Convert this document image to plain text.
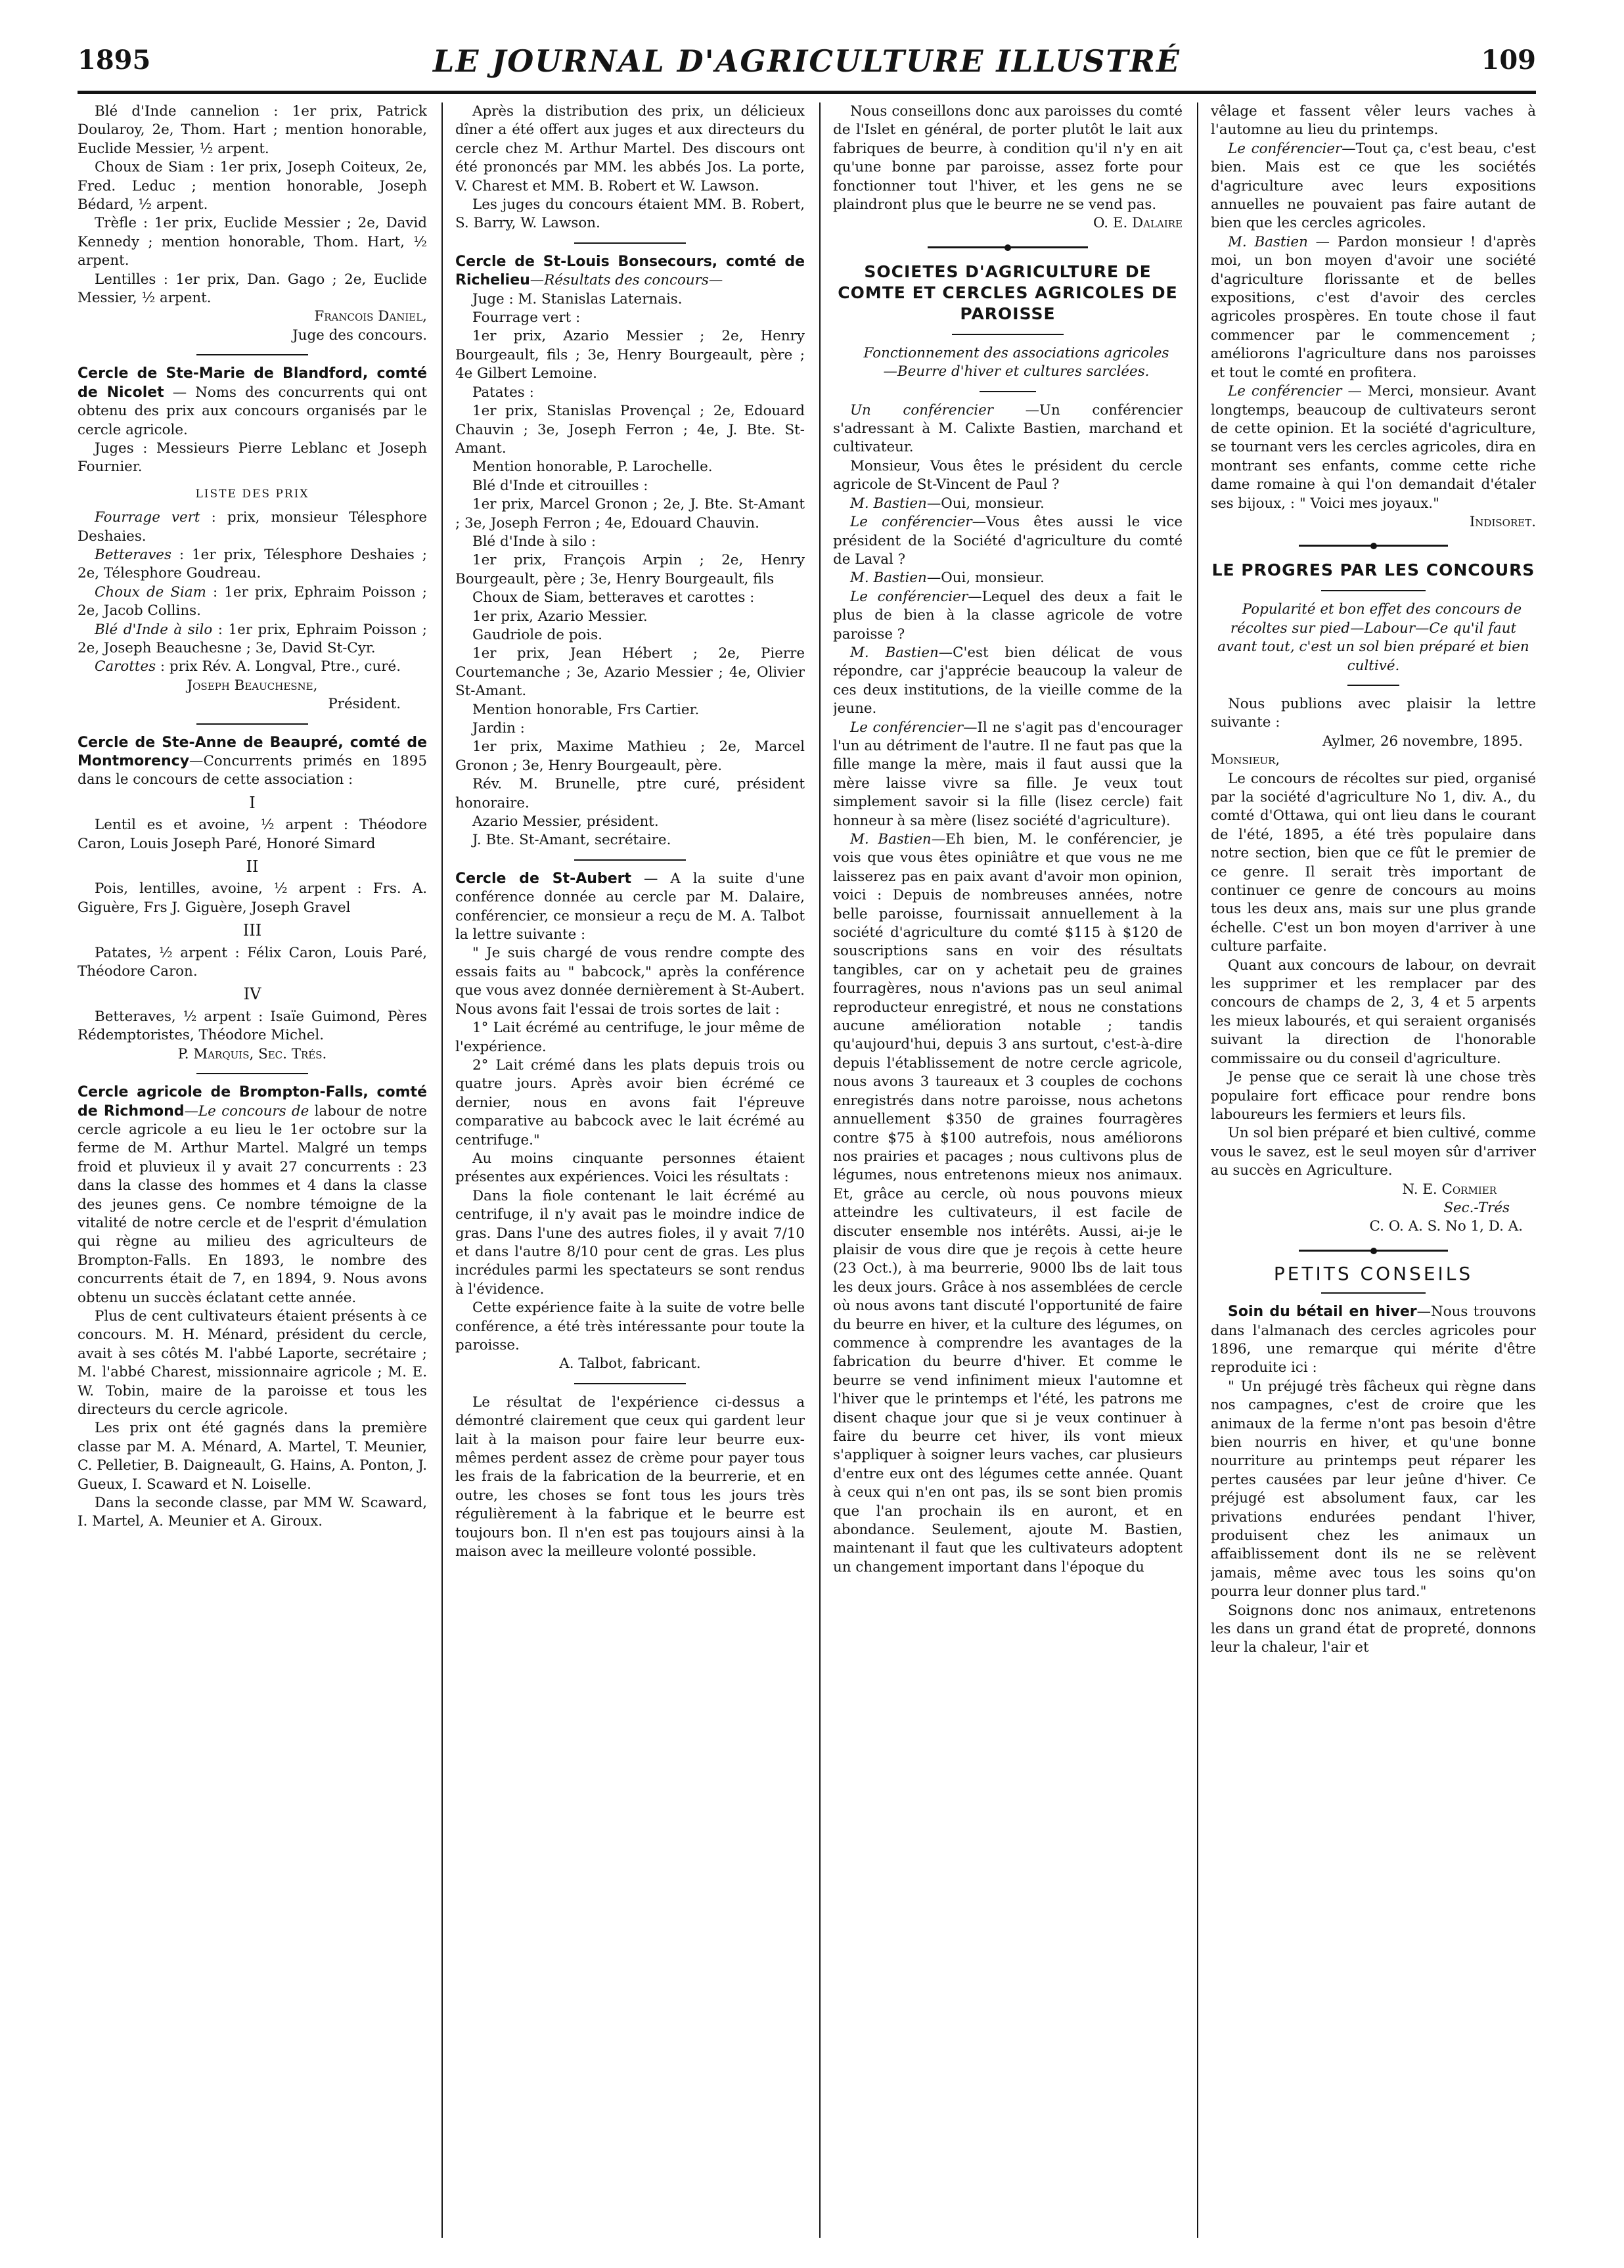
1895	LE JOURNAL D'AGRICULTURE ILLUSTRÉ	109

Blé d'Inde cannelion : 1er prix, Patrick Doularoy, 2e, Thom. Hart ; mention honorable, Euclide Messier, ½ arpent.

Choux de Siam : 1er prix, Joseph Coiteux, 2e, Fred. Leduc ; mention honorable, Joseph Bédard, ½ arpent.

Trèfle : 1er prix, Euclide Messier ; 2e, David Kennedy ; mention honorable, Thom. Hart, ½ arpent.

Lentilles : 1er prix, Dan. Gago ; 2e, Euclide Messier, ½ arpent.

Francois Daniel,

Juge des concours.

Cercle de Ste-Marie de Blandford, comté de Nicolet — Noms des concurrents qui ont obtenu des prix aux concours organisés par le cercle agricole.

Juges : Messieurs Pierre Leblanc et Joseph Fournier.

LISTE DES PRIX

Fourrage vert : prix, monsieur Télesphore Deshaies.

Betteraves : 1er prix, Télesphore Deshaies ; 2e, Télesphore Goudreau.

Choux de Siam : 1er prix, Ephraim Poisson ; 2e, Jacob Collins.

Blé d'Inde à silo : 1er prix, Ephraim Poisson ; 2e, Joseph Beauchesne ; 3e, David St-Cyr.

Carottes : prix Rév. A. Longval, Ptre., curé.

Joseph Beauchesne,

Président.

Cercle de Ste-Anne de Beaupré, comté de Montmorency—Concurrents primés en 1895 dans le concours de cette association :

I

Lentil es et avoine, ½ arpent : Théodore Caron, Louis Joseph Paré, Honoré Simard

II

Pois, lentilles, avoine, ½ arpent : Frs. A. Giguère, Frs J. Giguère, Joseph Gravel

III

Patates, ½ arpent : Félix Caron, Louis Paré, Théodore Caron.

IV

Betteraves, ½ arpent : Isaïe Guimond, Pères Rédemptoristes, Théodore Michel.

P. Marquis, Sec. Trés.

Cercle agricole de Brompton-Falls, comté de Richmond—Le concours de labour de notre cercle agricole a eu lieu le 1er octobre sur la ferme de M. Arthur Martel. Malgré un temps froid et pluvieux il y avait 27 concurrents : 23 dans la classe des hommes et 4 dans la classe des jeunes gens. Ce nombre témoigne de la vitalité de notre cercle et de l'esprit d'émulation qui règne au milieu des agriculteurs de Brompton-Falls. En 1893, le nombre des concurrents était de 7, en 1894, 9. Nous avons obtenu un succès éclatant cette année.

Plus de cent cultivateurs étaient présents à ce concours. M. H. Ménard, président du cercle, avait à ses côtés M. l'abbé Laporte, secrétaire ; M. l'abbé Charest, missionnaire agricole ; M. E. W. Tobin, maire de la paroisse et tous les directeurs du cercle agricole.

Les prix ont été gagnés dans la première classe par M. A. Ménard, A. Martel, T. Meunier, C. Pelletier, B. Daigneault, G. Hains, A. Ponton, J. Gueux, I. Scaward et N. Loiselle.

Dans la seconde classe, par MM W. Scaward, I. Martel, A. Meunier et A. Giroux.

Après la distribution des prix, un délicieux dîner a été offert aux juges et aux directeurs du cercle chez M. Arthur Martel. Des discours ont été prononcés par MM. les abbés Jos. La porte, V. Charest et MM. B. Robert et W. Lawson.

Les juges du concours étaient MM. B. Robert, S. Barry, W. Lawson.

Cercle de St-Louis Bonsecours, comté de Richelieu—Résultats des concours—

Juge : M. Stanislas Laternais.

Fourrage vert :

1er prix, Azario Messier ; 2e, Henry Bourgeault, fils ; 3e, Henry Bourgeault, père ; 4e Gilbert Lemoine.

Patates :

1er prix, Stanislas Provençal ; 2e, Edouard Chauvin ; 3e, Joseph Ferron ; 4e, J. Bte. St-Amant.

Mention honorable, P. Larochelle.

Blé d'Inde et citrouilles :

1er prix, Marcel Gronon ; 2e, J. Bte. St-Amant ; 3e, Joseph Ferron ; 4e, Edouard Chauvin.

Blé d'Inde à silo :

1er prix, François Arpin ; 2e, Henry Bourgeault, père ; 3e, Henry Bourgeault, fils

Choux de Siam, betteraves et carottes :

1er prix, Azario Messier.

Gaudriole de pois.

1er prix, Jean Hébert ; 2e, Pierre Courtemanche ; 3e, Azario Messier ; 4e, Olivier St-Amant.

Mention honorable, Frs Cartier.

Jardin :

1er prix, Maxime Mathieu ; 2e, Marcel Gronon ; 3e, Henry Bourgeault, père.

Rév. M. Brunelle, ptre curé, président honoraire.

Azario Messier, président.

J. Bte. St-Amant, secrétaire.

Cercle de St-Aubert — A la suite d'une conférence donnée au cercle par M. Dalaire, conférencier, ce monsieur a reçu de M. A. Talbot la lettre suivante :

" Je suis chargé de vous rendre compte des essais faits au " babcock," après la conférence que vous avez donnée dernièrement à St-Aubert. Nous avons fait l'essai de trois sortes de lait :

1° Lait écrémé au centrifuge, le jour même de l'expérience.

2° Lait crémé dans les plats depuis trois ou quatre jours. Après avoir bien écrémé ce dernier, nous en avons fait l'épreuve comparative au babcock avec le lait écrémé au centrifuge."

Au moins cinquante personnes étaient présentes aux expériences. Voici les résultats :

Dans la fiole contenant le lait écrémé au centrifuge, il n'y avait pas le moindre indice de gras. Dans l'une des autres fioles, il y avait 7/10 et dans l'autre 8/10 pour cent de gras. Les plus incrédules parmi les spectateurs se sont rendus à l'évidence.

Cette expérience faite à la suite de votre belle conférence, a été très intéressante pour toute la paroisse.

A. Talbot, fabricant.

Le résultat de l'expérience ci-dessus a démontré clairement que ceux qui gardent leur lait à la maison pour faire leur beurre eux-mêmes perdent assez de crème pour payer tous les frais de la fabrication de la beurrerie, et en outre, les choses se font tous les jours très régulièrement à la fabrique et le beurre est toujours bon. Il n'en est pas toujours ainsi à la maison avec la meilleure volonté possible.

Nous conseillons donc aux paroisses du comté de l'Islet en général, de porter plutôt le lait aux fabriques de beurre, à condition qu'il n'y en ait qu'une bonne par paroisse, assez forte pour fonctionner tout l'hiver, et les gens ne se plaindront plus que le beurre ne se vend pas.

O. E. Dalaire

SOCIETES D'AGRICULTURE DE COMTE ET CERCLES AGRICOLES DE PAROISSE

Fonctionnement des associations agricoles

—Beurre d'hiver et cultures sarclées.

Un conférencier —Un conférencier s'adressant à M. Calixte Bastien, marchand et cultivateur.

Monsieur, Vous êtes le président du cercle agricole de St-Vincent de Paul ?

M. Bastien—Oui, monsieur.

Le conférencier—Vous êtes aussi le vice président de la Société d'agriculture du comté de Laval ?

M. Bastien—Oui, monsieur.

Le conférencier—Lequel des deux a fait le plus de bien à la classe agricole de votre paroisse ?

M. Bastien—C'est bien délicat de vous répondre, car j'apprécie beaucoup la valeur de ces deux institutions, de la vieille comme de la jeune.

Le conférencier—Il ne s'agit pas d'encourager l'un au détriment de l'autre. Il ne faut pas que la fille mange la mère, mais il faut aussi que la mère laisse vivre sa fille. Je veux tout simplement savoir si la fille (lisez cercle) fait honneur à sa mère (lisez société d'agriculture).

M. Bastien—Eh bien, M. le conférencier, je vois que vous êtes opiniâtre et que vous ne me laisserez pas en paix avant d'avoir mon opinion, voici : Depuis de nombreuses années, notre belle paroisse, fournissait annuellement à la société d'agriculture du comté $115 à $120 de souscriptions sans en voir des résultats tangibles, car on y achetait peu de graines fourragères, nous n'avions pas un seul animal reproducteur enregistré, et nous ne constations aucune amélioration notable ; tandis qu'aujourd'hui, depuis 3 ans surtout, c'est-à-dire depuis l'établissement de notre cercle agricole, nous avons 3 taureaux et 3 couples de cochons enregistrés dans notre paroisse, nous achetons annuellement $350 de graines fourragères contre $75 à $100 autrefois, nous améliorons nos prairies et pacages ; nous cultivons plus de légumes, nous entretenons mieux nos animaux. Et, grâce au cercle, où nous pouvons mieux atteindre les cultivateurs, il est facile de discuter ensemble nos intérêts. Aussi, ai-je le plaisir de vous dire que je reçois à cette heure (23 Oct.), à ma beurrerie, 9000 lbs de lait tous les deux jours. Grâce à nos assemblées de cercle où nous avons tant discuté l'opportunité de faire du beurre en hiver, et la culture des légumes, on commence à comprendre les avantages de la fabrication du beurre d'hiver. Et comme le beurre se vend infiniment mieux l'automne et l'hiver que le printemps et l'été, les patrons me disent chaque jour que si je veux continuer à faire du beurre cet hiver, ils vont mieux s'appliquer à soigner leurs vaches, car plusieurs d'entre eux ont des légumes cette année. Quant à ceux qui n'en ont pas, ils se sont bien promis que l'an prochain ils en auront, et en abondance. Seulement, ajoute M. Bastien, maintenant il faut que les cultivateurs adoptent un changement important dans l'époque du

vêlage et fassent vêler leurs vaches à l'automne au lieu du printemps.

Le conférencier—Tout ça, c'est beau, c'est bien. Mais est ce que les sociétés d'agriculture avec leurs expositions annuelles ne pouvaient pas faire autant de bien que les cercles agricoles.

M. Bastien — Pardon monsieur ! d'après moi, un bon moyen d'avoir une société d'agriculture florissante et de belles expositions, c'est d'avoir des cercles agricoles prospères. En toute chose il faut commencer par le commencement ; améliorons l'agriculture dans nos paroisses et tout le comté en profitera.

Le conférencier — Merci, monsieur. Avant longtemps, beaucoup de cultivateurs seront de cette opinion. Et la société d'agriculture, se tournant vers les cercles agricoles, dira en montrant ses enfants, comme cette riche dame romaine à qui l'on demandait d'étaler ses bijoux, : " Voici mes joyaux."

Indisoret.

LE PROGRES PAR LES CONCOURS

Popularité et bon effet des concours de récoltes sur pied—Labour—Ce qu'il faut avant tout, c'est un sol bien préparé et bien cultivé.

Nous publions avec plaisir la lettre suivante :

Aylmer, 26 novembre, 1895.

Monsieur,

Le concours de récoltes sur pied, organisé par la société d'agriculture No 1, div. A., du comté d'Ottawa, qui ont lieu dans le courant de l'été, 1895, a été très populaire dans notre section, bien que ce fût le premier de ce genre. Il serait très important de continuer ce genre de concours au moins tous les deux ans, mais sur une plus grande échelle. C'est un bon moyen d'arriver à une culture parfaite.

Quant aux concours de labour, on devrait les supprimer et les remplacer par des concours de champs de 2, 3, 4 et 5 arpents les mieux labourés, et qui seraient organisés suivant la direction de l'honorable commissaire ou du conseil d'agriculture.

Je pense que ce serait là une chose très populaire fort efficace pour rendre bons laboureurs les fermiers et leurs fils.

Un sol bien préparé et bien cultivé, comme vous le savez, est le seul moyen sûr d'arriver au succès en Agriculture.

N. E. Cormier

Sec.-Trés

C. O. A. S. No 1, D. A.

PETITS CONSEILS

Soin du bétail en hiver—Nous trouvons dans l'almanach des cercles agricoles pour 1896, une remarque qui mérite d'être reproduite ici :

" Un préjugé très fâcheux qui règne dans nos campagnes, c'est de croire que les animaux de la ferme n'ont pas besoin d'être bien nourris en hiver, et qu'une bonne nourriture au printemps peut réparer les pertes causées par leur jeûne d'hiver. Ce préjugé est absolument faux, car les privations endurées pendant l'hiver, produisent chez les animaux un affaiblissement dont ils ne se relèvent jamais, même avec tous les soins qu'on pourra leur donner plus tard."

Soignons donc nos animaux, entretenons les dans un grand état de propreté, donnons leur la chaleur, l'air et
